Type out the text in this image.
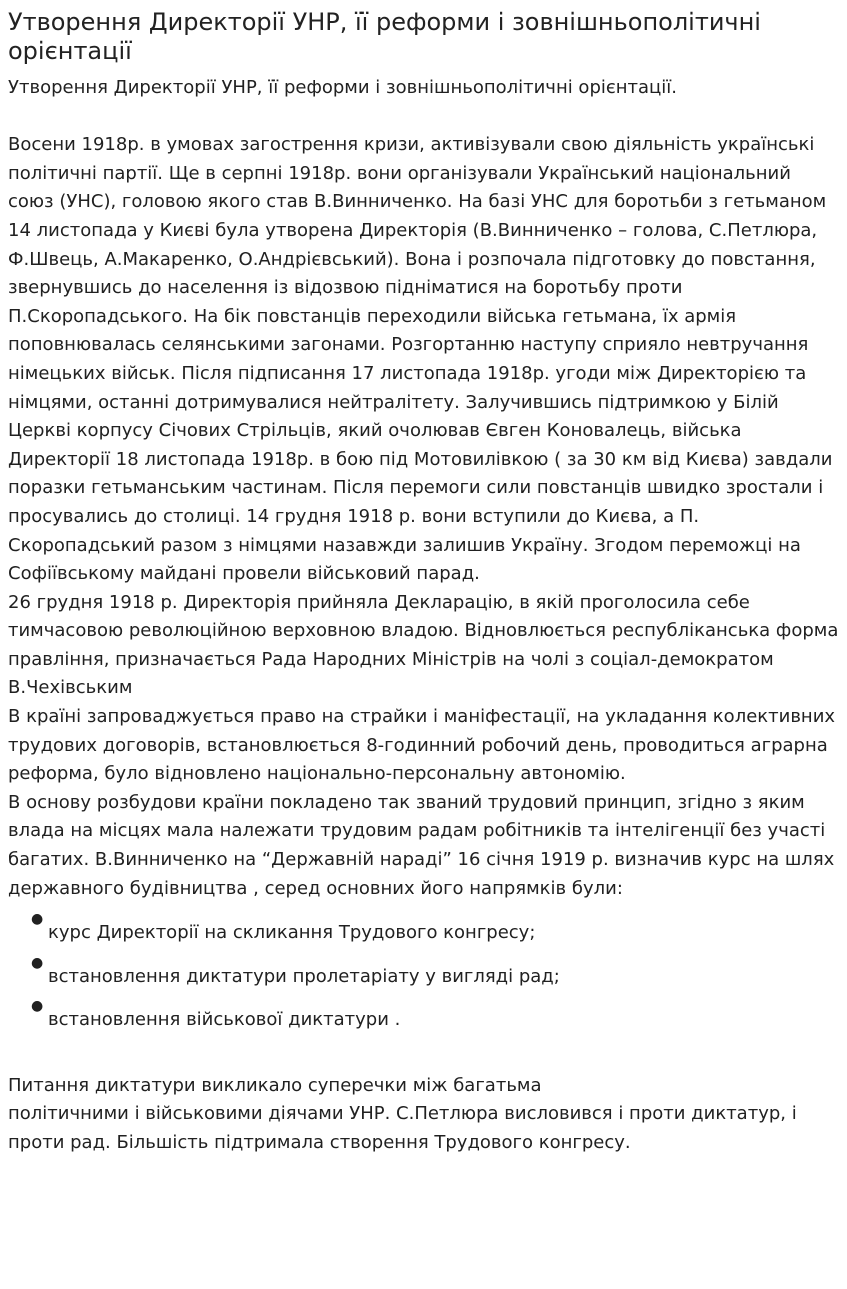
Утворення Директорії УНР, її реформи і зовнішньополітичні орієнтації
Утворення Директорії УНР, її реформи і зовнішньополітичні орієнтації.

Восени 1918р. в умовах загострення кризи, активізували свою діяльність українські політичні партії. Ще в серпні 1918р. вони організували Український національний союз (УНС), головою якого став В.Винниченко. На базі УНС для боротьби з гетьманом 14 листопада у Києві була утворена Директорія (В.Винниченко – голова, С.Петлюра, Ф.Швець, А.Макаренко, О.Андрієвський). Вона і розпочала підготовку до повстання, звернувшись до населення із відозвою підніматися на боротьбу проти П.Скоропадського. На бік повстанців переходили війська гетьмана, їх армія поповнювалась селянськими загонами. Розгортанню наступу сприяло невтручання німецьких військ. Після підписання 17 листопада 1918р. угоди між Директорією та німцями, останні дотримувалися нейтралітету. Залучившись підтримкою у Білій Церкві корпусу Січових Стрільців, який очолював Євген Коновалець, війська Директорії 18 листопада 1918р. в бою під Мотовилівкою ( за 30 км від Києва) завдали поразки гетьманським частинам. Після перемоги сили повстанців швидко зростали і просувались до столиці. 14 грудня 1918 р. вони вступили до Києва, а П. Скоропадський разом з німцями назавжди залишив Україну. Згодом переможці на Софіївському майдані провели військовий парад.

26 грудня 1918 р. Директорія прийняла Декларацію, в якій проголосила себе тимчасовою революційною верховною владою. Відновлюється республіканська форма правління, призначається Рада Народних Міністрів на чолі з соціал-демократом В.Чехівським

В країні запроваджується право на страйки і маніфестації, на укладання колективних трудових договорів, встановлюється 8-годинний робочий день, проводиться аграрна реформа, було відновлено національно-персональну автономію.

В основу розбудови країни покладено так званий трудовий принцип, згідно з яким влада на місцях мала належати трудовим радам робітників та інтелігенції без участі багатих. В.Винниченко на “Державній нараді” 16 січня 1919 р. визначив курс на шлях державного будівництва , серед основних його напрямків були:

●
курс Директорії на скликання Трудового конгресу;
●
встановлення диктатури пролетаріату у вигляді рад;
●
встановлення військової диктатури .

Питання диктатури викликало суперечки між багатьма

політичними і військовими діячами УНР. С.Петлюра висловився і проти диктатур, і проти рад. Більшість підтримала створення Трудового конгресу.
